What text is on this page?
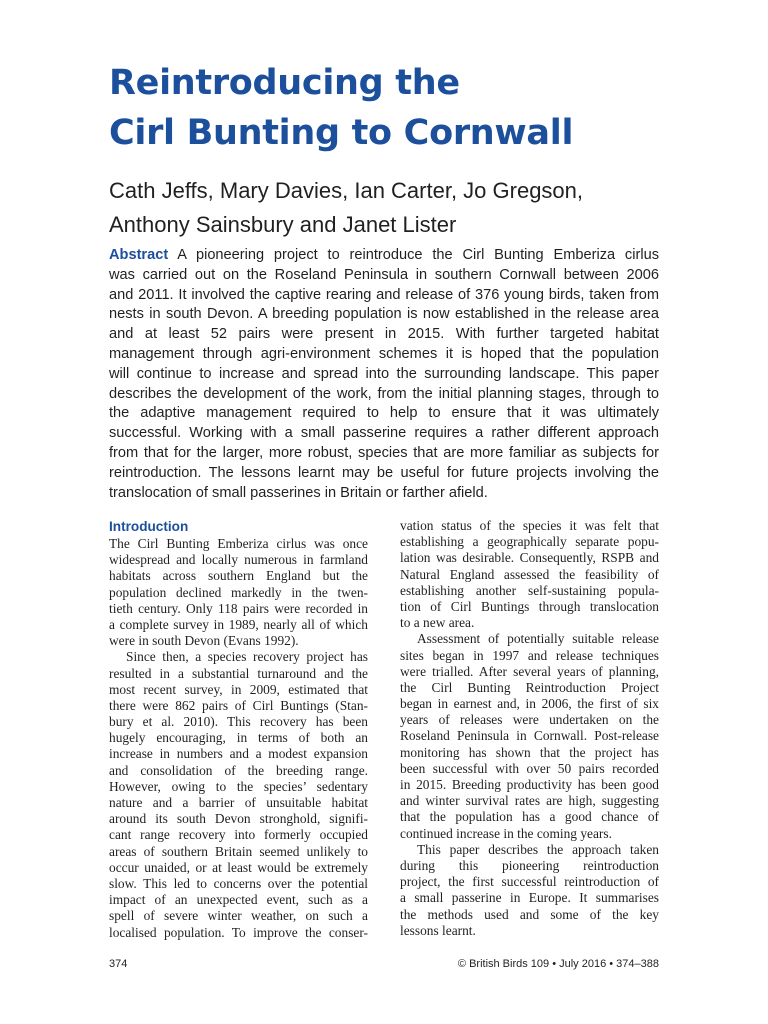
Reintroducing the
Cirl Bunting to Cornwall
Cath Jeffs, Mary Davies, Ian Carter, Jo Gregson,
Anthony Sainsbury and Janet Lister
Abstract A pioneering project to reintroduce the Cirl Bunting Emberiza cirlus
was carried out on the Roseland Peninsula in southern Cornwall between 2006
and 2011. It involved the captive rearing and release of 376 young birds, taken from
nests in south Devon. A breeding population is now established in the release area
and at least 52 pairs were present in 2015. With further targeted habitat
management through agri-environment schemes it is hoped that the population
will continue to increase and spread into the surrounding landscape. This paper
describes the development of the work, from the initial planning stages, through to
the adaptive management required to help to ensure that it was ultimately
successful. Working with a small passerine requires a rather different approach
from that for the larger, more robust, species that are more familiar as subjects for
reintroduction. The lessons learnt may be useful for future projects involving the
translocation of small passerines in Britain or farther afield.
Introduction
The Cirl Bunting Emberiza cirlus was once
widespread and locally numerous in farmland
habitats across southern England but the
population declined markedly in the twen-
tieth century. Only 118 pairs were recorded in
a complete survey in 1989, nearly all of which
were in south Devon (Evans 1992).
Since then, a species recovery project has
resulted in a substantial turnaround and the
most recent survey, in 2009, estimated that
there were 862 pairs of Cirl Buntings (Stan-
bury et al. 2010). This recovery has been
hugely encouraging, in terms of both an
increase in numbers and a modest expansion
and consolidation of the breeding range.
However, owing to the species’ sedentary
nature and a barrier of unsuitable habitat
around its south Devon stronghold, signifi-
cant range recovery into formerly occupied
areas of southern Britain seemed unlikely to
occur unaided, or at least would be extremely
slow. This led to concerns over the potential
impact of an unexpected event, such as a
spell of severe winter weather, on such a
localised population. To improve the conser-
vation status of the species it was felt that
establishing a geographically separate popu-
lation was desirable. Consequently, RSPB and
Natural England assessed the feasibility of
establishing another self-sustaining popula-
tion of Cirl Buntings through translocation
to a new area.
Assessment of potentially suitable release
sites began in 1997 and release techniques
were trialled. After several years of planning,
the Cirl Bunting Reintroduction Project
began in earnest and, in 2006, the first of six
years of releases were undertaken on the
Roseland Peninsula in Cornwall. Post-release
monitoring has shown that the project has
been successful with over 50 pairs recorded
in 2015. Breeding productivity has been good
and winter survival rates are high, suggesting
that the population has a good chance of
continued increase in the coming years.
This paper describes the approach taken
during this pioneering reintroduction
project, the first successful reintroduction of
a small passerine in Europe. It summarises
the methods used and some of the key
lessons learnt.
374	© British Birds 109 • July 2016 • 374–388
